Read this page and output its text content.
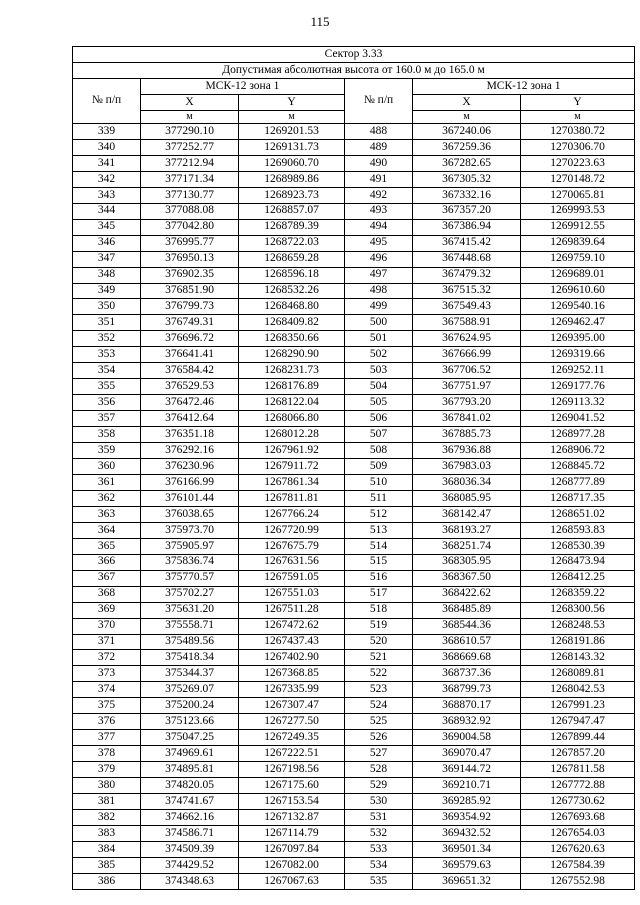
115
Сектор 3.33					
Допустимая абсолютная высота от 160.0 м до 165.0 м					
№ п/п	МСК-12 зона 1		№ п/п	МСК-12 зона 1	
	X	Y		X	Y
	м	м		м	м
339	377290.10	1269201.53	488	367240.06	1270380.72
340	377252.77	1269131.73	489	367259.36	1270306.70
341	377212.94	1269060.70	490	367282.65	1270223.63
342	377171.34	1268989.86	491	367305.32	1270148.72
343	377130.77	1268923.73	492	367332.16	1270065.81
344	377088.08	1268857.07	493	367357.20	1269993.53
345	377042.80	1268789.39	494	367386.94	1269912.55
346	376995.77	1268722.03	495	367415.42	1269839.64
347	376950.13	1268659.28	496	367448.68	1269759.10
348	376902.35	1268596.18	497	367479.32	1269689.01
349	376851.90	1268532.26	498	367515.32	1269610.60
350	376799.73	1268468.80	499	367549.43	1269540.16
351	376749.31	1268409.82	500	367588.91	1269462.47
352	376696.72	1268350.66	501	367624.95	1269395.00
353	376641.41	1268290.90	502	367666.99	1269319.66
354	376584.42	1268231.73	503	367706.52	1269252.11
355	376529.53	1268176.89	504	367751.97	1269177.76
356	376472.46	1268122.04	505	367793.20	1269113.32
357	376412.64	1268066.80	506	367841.02	1269041.52
358	376351.18	1268012.28	507	367885.73	1268977.28
359	376292.16	1267961.92	508	367936.88	1268906.72
360	376230.96	1267911.72	509	367983.03	1268845.72
361	376166.99	1267861.34	510	368036.34	1268777.89
362	376101.44	1267811.81	511	368085.95	1268717.35
363	376038.65	1267766.24	512	368142.47	1268651.02
364	375973.70	1267720.99	513	368193.27	1268593.83
365	375905.97	1267675.79	514	368251.74	1268530.39
366	375836.74	1267631.56	515	368305.95	1268473.94
367	375770.57	1267591.05	516	368367.50	1268412.25
368	375702.27	1267551.03	517	368422.62	1268359.22
369	375631.20	1267511.28	518	368485.89	1268300.56
370	375558.71	1267472.62	519	368544.36	1268248.53
371	375489.56	1267437.43	520	368610.57	1268191.86
372	375418.34	1267402.90	521	368669.68	1268143.32
373	375344.37	1267368.85	522	368737.36	1268089.81
374	375269.07	1267335.99	523	368799.73	1268042.53
375	375200.24	1267307.47	524	368870.17	1267991.23
376	375123.66	1267277.50	525	368932.92	1267947.47
377	375047.25	1267249.35	526	369004.58	1267899.44
378	374969.61	1267222.51	527	369070.47	1267857.20
379	374895.81	1267198.56	528	369144.72	1267811.58
380	374820.05	1267175.60	529	369210.71	1267772.88
381	374741.67	1267153.54	530	369285.92	1267730.62
382	374662.16	1267132.87	531	369354.92	1267693.68
383	374586.71	1267114.79	532	369432.52	1267654.03
384	374509.39	1267097.84	533	369501.34	1267620.63
385	374429.52	1267082.00	534	369579.63	1267584.39
386	374348.63	1267067.63	535	369651.32	1267552.98
